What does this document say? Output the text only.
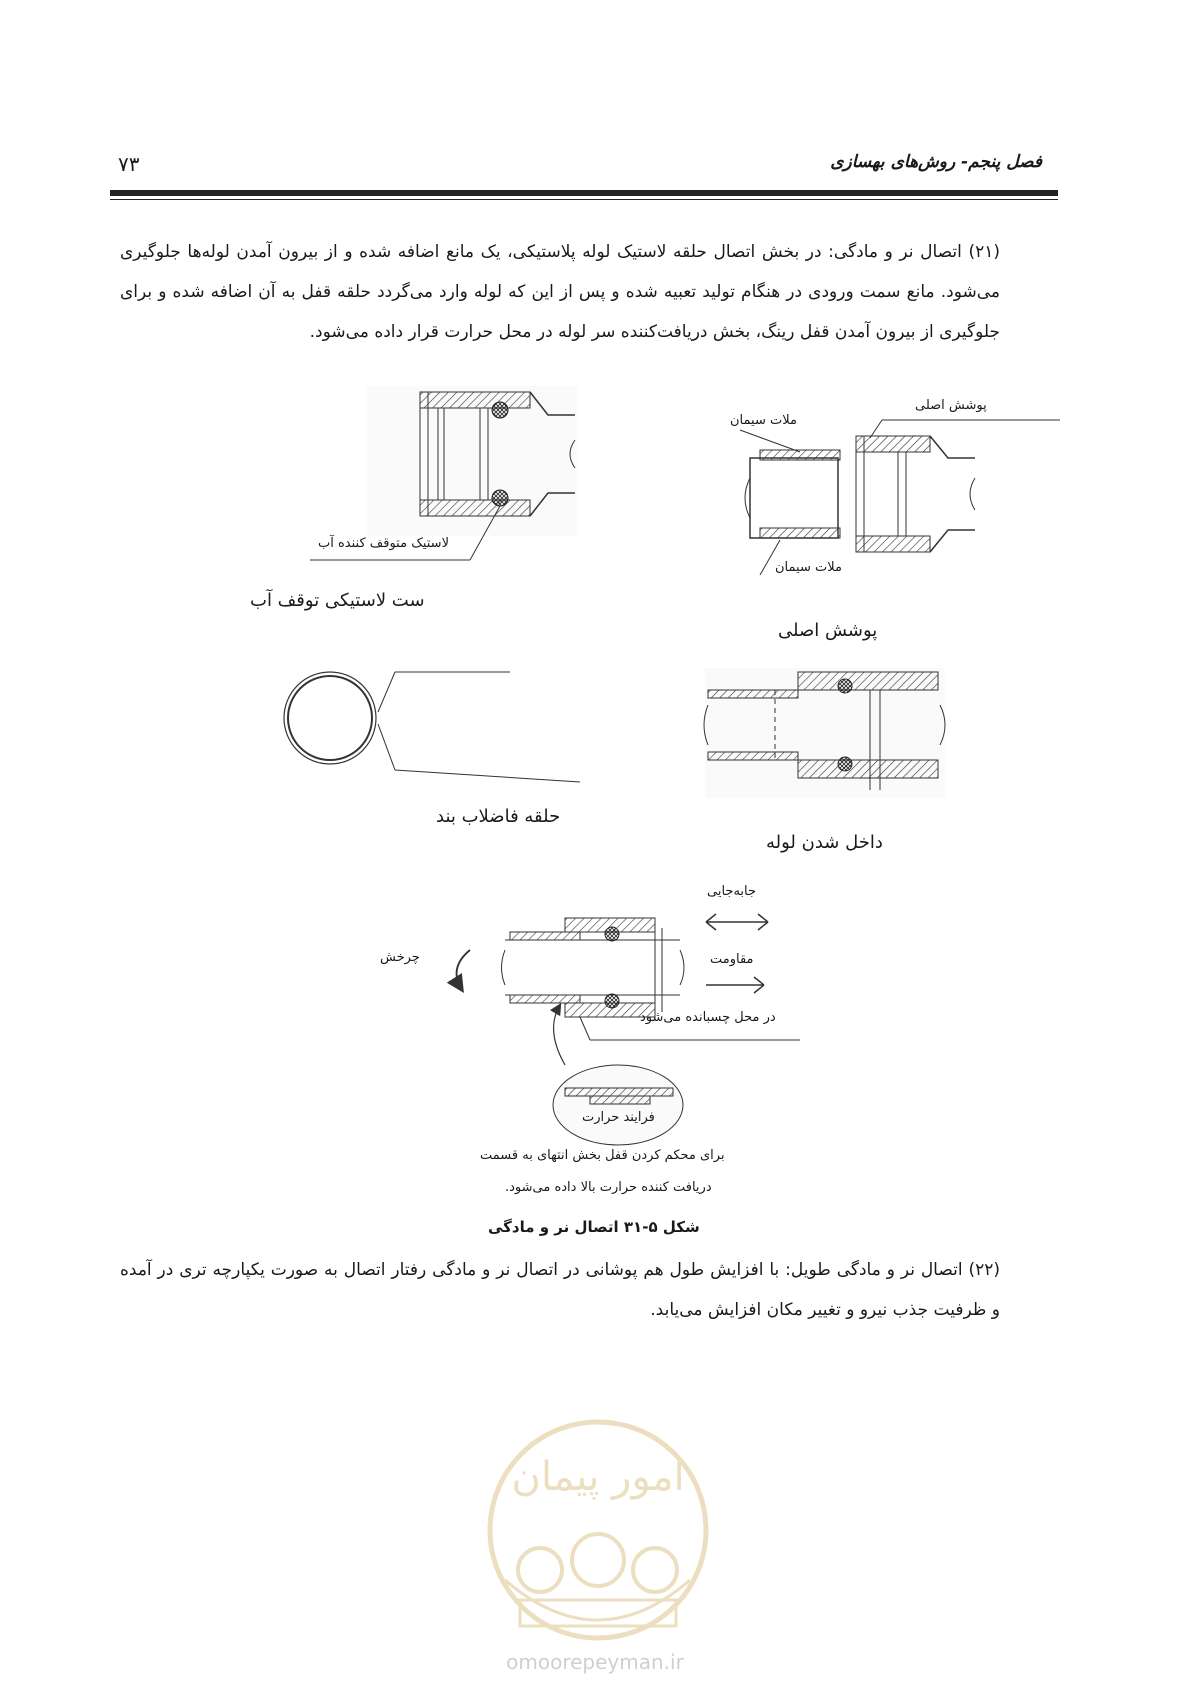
فصل پنجم- روش‌های بهسازی
۷۳
(۲۱) اتصال نر و مادگی: در بخش اتصال حلقه لاستیک لوله پلاستیکی، یک مانع اضافه شده و از بیرون آمدن لوله‌ها جلوگیری می‌شود. مانع سمت ورودی در هنگام تولید تعبیه شده و پس از این که لوله وارد می‌گردد حلقه قفل به آن اضافه شده و برای جلوگیری از بیرون آمدن قفل رینگ، بخش دریافت‌کننده سر لوله در محل حرارت قرار داده می‌شود.
امور پیمان
پوشش اصلی
ملات سیمان
ملات سیمان
پوشش اصلی
لاستیک متوقف کننده آب
ست لاستیکی توقف آب
حلقه فاضلاب بند
داخل شدن لوله
جابه‌جایی
مقاومت
چرخش
در محل چسبانده می‌شود
فرایند حرارت
برای محکم کردن قفل بخش انتهای به قسمت
دریافت کننده حرارت بالا داده می‌شود.
شکل ۵-۳۱ اتصال نر و مادگی
(۲۲) اتصال نر و مادگی طویل: با افزایش طول هم پوشانی در اتصال نر و مادگی رفتار اتصال به صورت یکپارچه تری در آمده و ظرفیت جذب نیرو و تغییر مکان افزایش می‌یابد.
omoorepeyman.ir
